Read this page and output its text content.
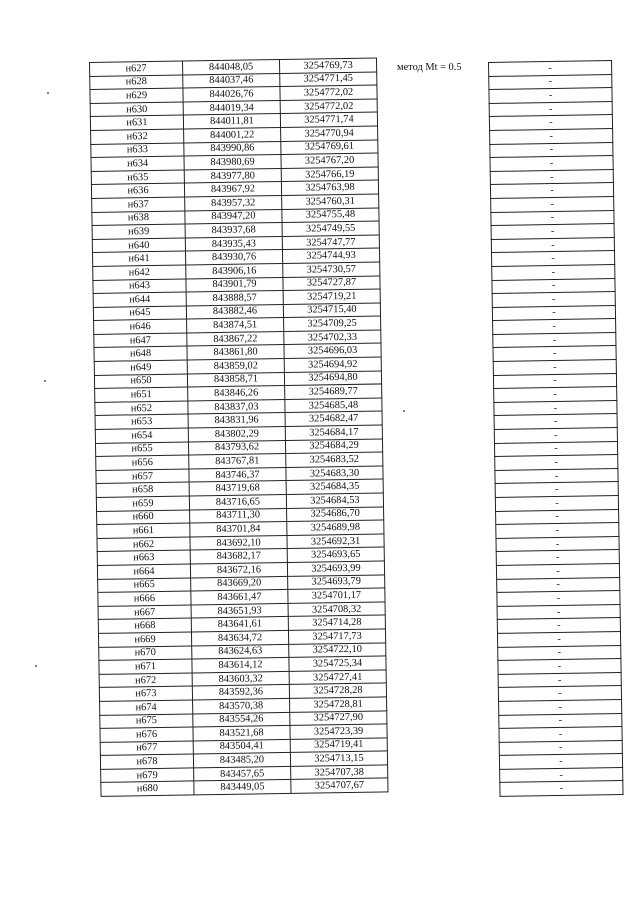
н627	844048,05	3254769,73
н628	844037,46	3254771,45
н629	844026,76	3254772,02
н630	844019,34	3254772,02
н631	844011,81	3254771,74
н632	844001,22	3254770,94
н633	843990,86	3254769,61
н634	843980,69	3254767,20
н635	843977,80	3254766,19
н636	843967,92	3254763,98
н637	843957,32	3254760,31
н638	843947,20	3254755,48
н639	843937,68	3254749,55
н640	843935,43	3254747,77
н641	843930,76	3254744,93
н642	843906,16	3254730,57
н643	843901,79	3254727,87
н644	843888,57	3254719,21
н645	843882,46	3254715,40
н646	843874,51	3254709,25
н647	843867,22	3254702,33
н648	843861,80	3254696,03
н649	843859,02	3254694,92
н650	843858,71	3254694,80
н651	843846,26	3254689,77
н652	843837,03	3254685,48
н653	843831,96	3254682,47
н654	843802,29	3254684,17
н655	843793,62	3254684,29
н656	843767,81	3254683,52
н657	843746,37	3254683,30
н658	843719,68	3254684,35
н659	843716,65	3254684,53
н660	843711,30	3254686,70
н661	843701,84	3254689,98
н662	843692,10	3254692,31
н663	843682,17	3254693,65
н664	843672,16	3254693,99
н665	843669,20	3254693,79
н666	843661,47	3254701,17
н667	843651,93	3254708,32
н668	843641,61	3254714,28
н669	843634,72	3254717,73
н670	843624,63	3254722,10
н671	843614,12	3254725,34
н672	843603,32	3254727,41
н673	843592,36	3254728,28
н674	843570,38	3254728,81
н675	843554,26	3254727,90
н676	843521,68	3254723,39
н677	843504,41	3254719,41
н678	843485,20	3254713,15
н679	843457,65	3254707,38
н680	843449,05	3254707,67
метод Mt = 0.5	-
-
-
-
-
-
-
-
-
-
-
-
-
-
-
-
-
-
-
-
-
-
-
-
-
-
-
-
-
-
-
-
-
-
-
-
-
-
-
-
-
-
-
-
-
-
-
-
-
-
-
-
-
-
